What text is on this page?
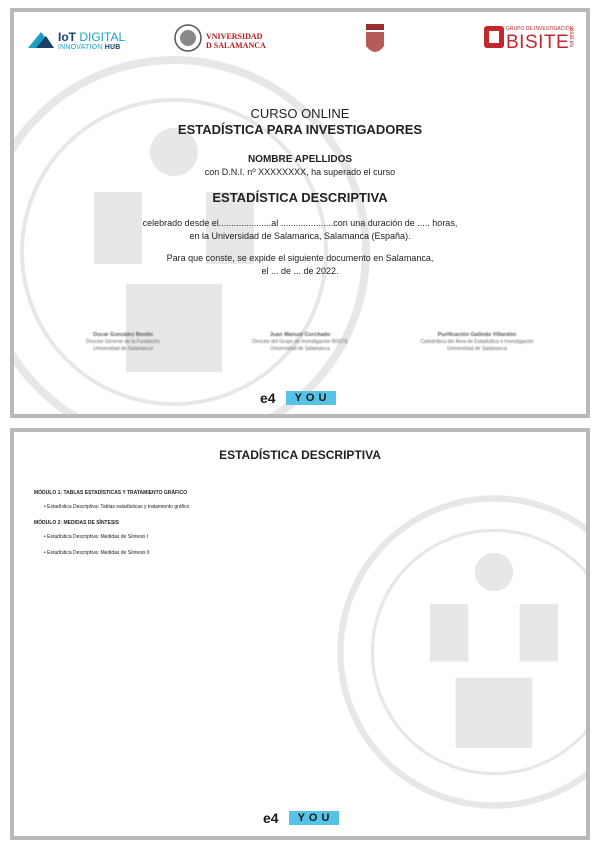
IoT DIGITAL
INNOVATION HUB
VNIVERSIDAD
D SALAMANCA
GRUPO DE INVESTIGACIÓN
BISITE
usal.es
CURSO ONLINE
ESTADÍSTICA PARA INVESTIGADORES
NOMBRE APELLIDOS
con D.N.I. nº XXXXXXXX, ha superado el curso
ESTADÍSTICA DESCRIPTIVA
celebrado desde el.....................al .....................con una duración de ..... horas,
en la Universidad de Salamanca, Salamanca (España).
Para que conste, se expide el siguiente documento en Salamanca,
el ... de ... de 2022.
Oscar González Benito
Director Gerente de la Fundación
Universidad de Salamanca
Juan Manuel Corchado
Director del Grupo de Investigación BISITE
Universidad de Salamanca
Purificación Galindo Villardón
Catedrática del Área de Estadística e Investigación
Universidad de Salamanca
e4	YOU
ESTADÍSTICA DESCRIPTIVA
MÓDULO 1: TABLAS ESTADÍSTICAS Y TRATAMIENTO GRÁFICO
• Estadística Descriptiva: Tablas estadísticas y tratamiento gráfico
MÓDULO 2: MEDIDAS DE SÍNTESIS
• Estadística Descriptiva: Medidas de Síntesis I
• Estadística Descriptiva: Medidas de Síntesis II
e4	YOU
